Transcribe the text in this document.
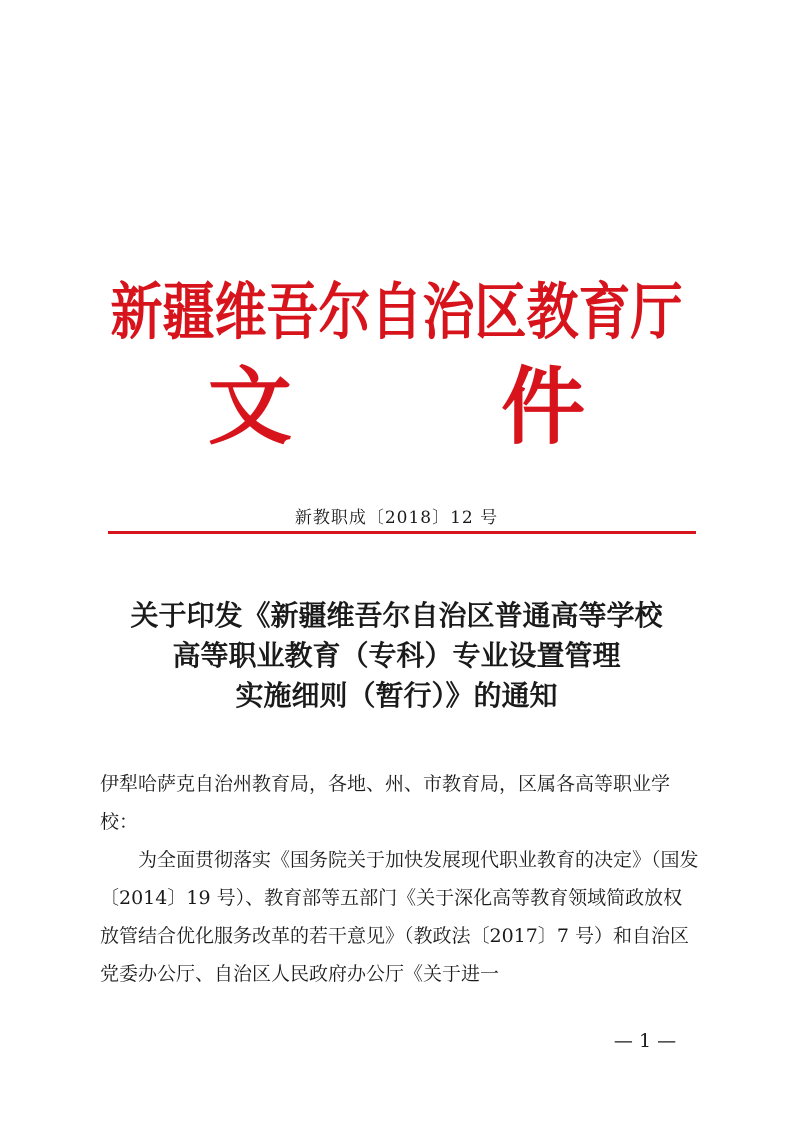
新疆维吾尔自治区教育厅
文 件
新教职成〔2018〕12 号
关于印发《新疆维吾尔自治区普通高等学校
高等职业教育（专科）专业设置管理
实施细则（暂行）》的通知

伊犁哈萨克自治州教育局，各地、州、市教育局，区属各高等职业学校：

为全面贯彻落实《国务院关于加快发展现代职业教育的决定》（国发〔2014〕19 号）、教育部等五部门《关于深化高等教育领域简政放权放管结合优化服务改革的若干意见》（教政法〔2017〕7 号）和自治区党委办公厅、自治区人民政府办公厅《关于进一

— 1 —
